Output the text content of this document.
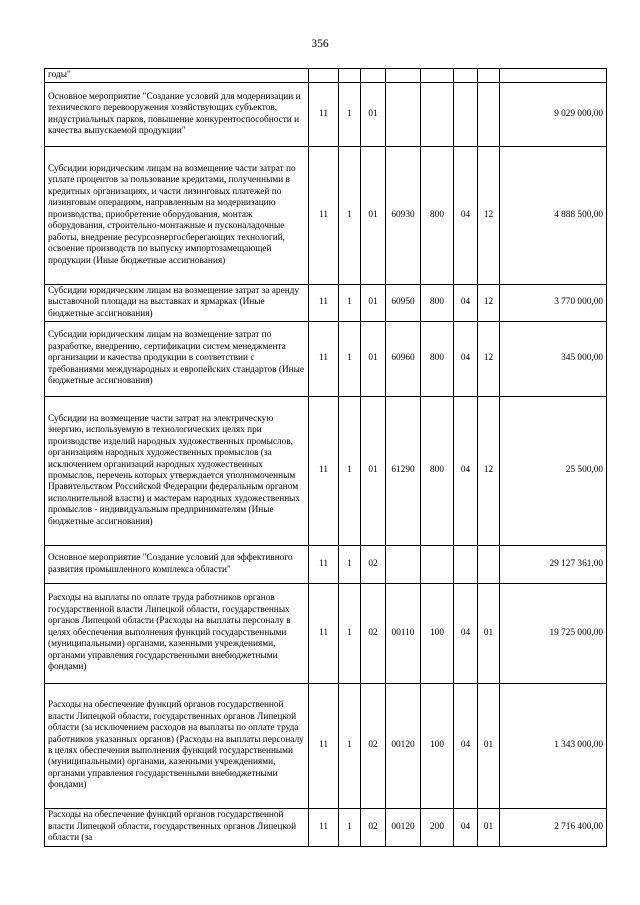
356
годы"								
Основное мероприятие "Создание условий для модернизации и технического перевооружения хозяйствующих субъектов, индустриальных парков, повышение конкурентоспособности и качества выпускаемой продукции"	11	1	01					9 029 000,00
Субсидии юридическим лицам на возмещение части затрат по уплате процентов за пользование кредитами, полученными в кредитных организациях, и части лизинговых платежей по лизинговым операциям, направленным на модернизацию производства, приобретение оборудования, монтаж оборудования, строительно-монтажные и пусконаладочные работы, внедрение ресурсоэнергосберегающих технологий, освоение производств по выпуску импортозамещающей продукции (Иные бюджетные ассигнования)	11	1	01	60930	800	04	12	4 888 500,00
Субсидии юридическим лицам на возмещение затрат за аренду выставочной площади на выставках и ярмарках (Иные бюджетные ассигнования)	11	1	01	60950	800	04	12	3 770 000,00
Субсидии юридическим лицам на возмещение затрат по разработке, внедрению, сертификации систем менеджмента организации и качества продукции в соответствии с требованиями международных и европейских стандартов (Иные бюджетные ассигнования)	11	1	01	60960	800	04	12	345 000,00
Субсидии на возмещение части затрат на электрическую энергию, используемую в технологических целях при производстве изделий народных художественных промыслов, организациям народных художественных промыслов (за исключением организаций народных художественных промыслов, перечень которых утверждается уполномоченным Правительством Российской Федерации федеральным органом исполнительной власти) и мастерам народных художественных промыслов - индивидуальным предпринимателям (Иные бюджетные ассигнования)	11	1	01	61290	800	04	12	25 500,00
Основное мероприятие "Создание условий для эффективного развития промышленного комплекса области"	11	1	02					29 127 361,00
Расходы на выплаты по оплате труда работников органов государственной власти Липецкой области, государственных органов Липецкой области (Расходы на выплаты персоналу в целях обеспечения выполнения функций государственными (муниципальными) органами, казенными учреждениями, органами управления государственными внебюджетными фондами)	11	1	02	00110	100	04	01	19 725 000,00
Расходы на обеспечение функций органов государственной власти Липецкой области, государственных органов Липецкой области (за исключением расходов на выплаты по оплате труда работников указанных органов) (Расходы на выплаты персоналу в целях обеспечения выполнения функций государственными (муниципальными) органами, казенными учреждениями, органами управления государственными внебюджетными фондами)	11	1	02	00120	100	04	01	1 343 000,00
Расходы на обеспечение функций органов государственной власти Липецкой области, государственных органов Липецкой области (за	11	1	02	00120	200	04	01	2 716 400,00
